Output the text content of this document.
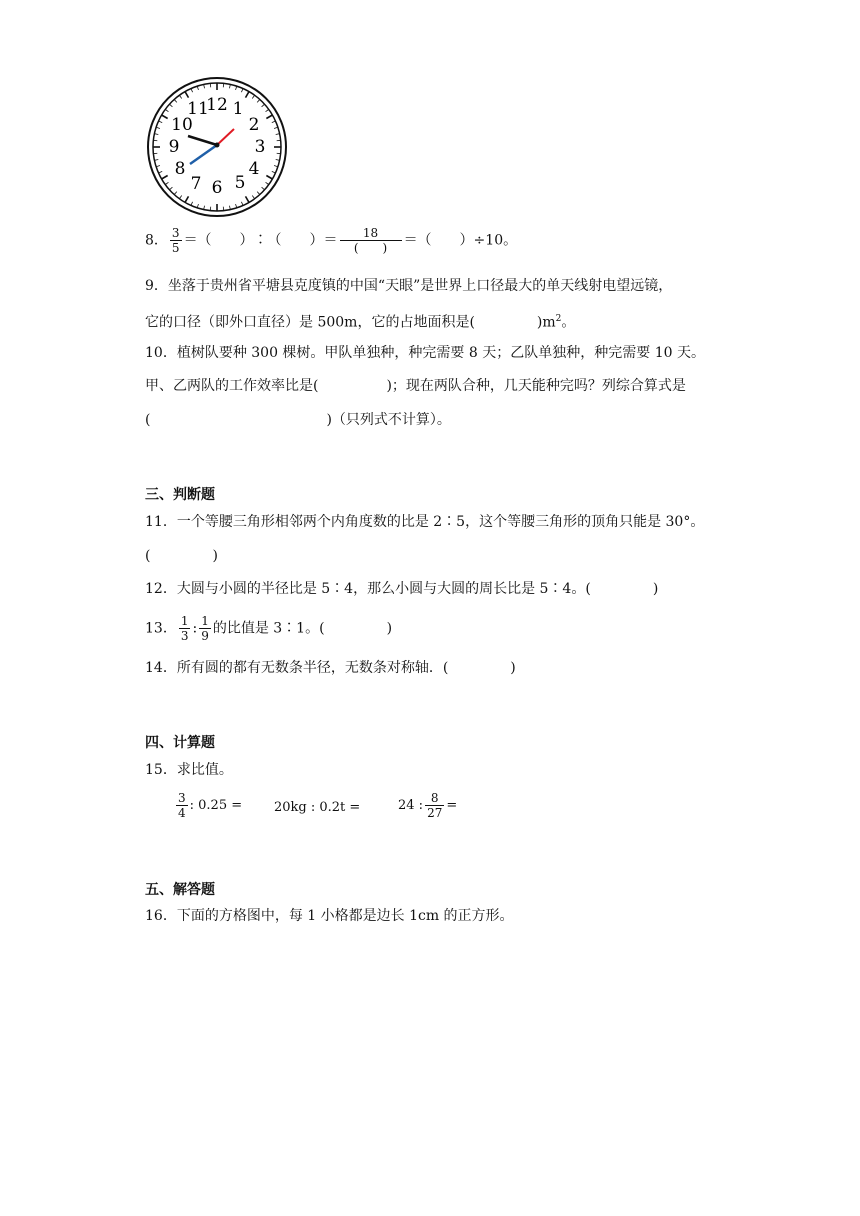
12 1
2
3
4
5
6
7
8
9
10
11
8． $\frac{3}{5}$ ＝（　　）∶（　　）＝ $\frac{18}{( )}$ ＝（　　）÷10。
9．坐落于贵州省平塘县克度镇的中国“天眼”是世界上口径最大的单天线射电望远镜，
它的口径（即外口直径）是 500m，它的占地面积是(	)$m^2$。
10．植树队要种 300 棵树。甲队单独种，种完需要 8 天；乙队单独种，种完需要 10 天。
甲、乙两队的工作效率比是(	)；现在两队合种，几天能种完吗？列综合算式是
(	)（只列式不计算）。
三、判断题
11．一个等腰三角形相邻两个内角度数的比是 2∶5，这个等腰三角形的顶角只能是 30°。
(	)
12．大圆与小圆的半径比是 5∶4，那么小圆与大圆的周长比是 5∶4。(	)
13． $\frac{1}{3}$ : $\frac{1}{9}$ 的比值是 3∶1。(	)
14．所有圆的都有无数条半径，无数条对称轴．(	)
四、计算题
15．求比值。
$\frac{3}{4}$ : 0.25 = 20kg : 0.2t =	24 : $\frac{8}{27}$ =
五、解答题
16．下面的方格图中，每 1 小格都是边长 1cm 的正方形。
